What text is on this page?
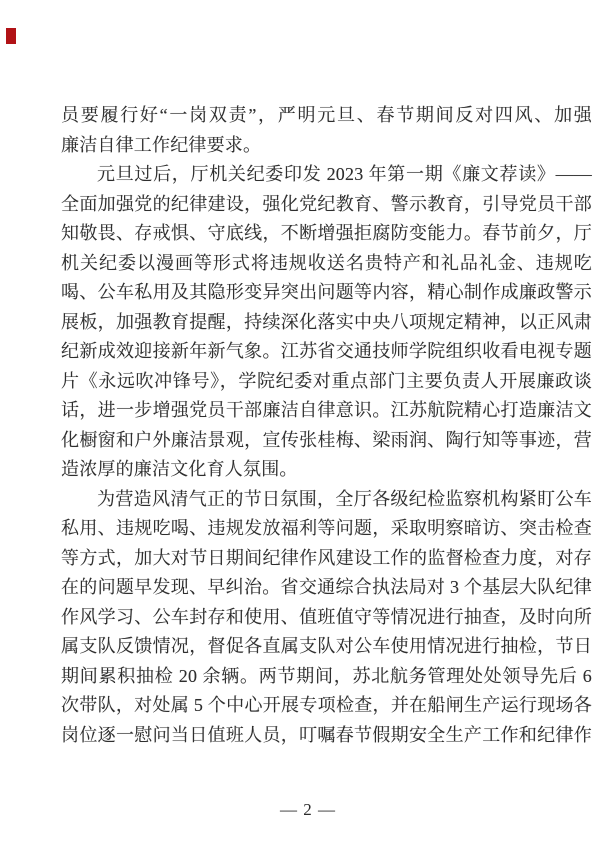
员要履行好“一岗双责”，严明元旦、春节期间反对四风、加强
廉洁自律工作纪律要求。
元旦过后，厅机关纪委印发 2023 年第一期《廉文荐读》——
全面加强党的纪律建设，强化党纪教育、警示教育，引导党员干部
知敬畏、存戒惧、守底线，不断增强拒腐防变能力。春节前夕，厅
机关纪委以漫画等形式将违规收送名贵特产和礼品礼金、违规吃
喝、公车私用及其隐形变异突出问题等内容，精心制作成廉政警示
展板，加强教育提醒，持续深化落实中央八项规定精神，以正风肃
纪新成效迎接新年新气象。江苏省交通技师学院组织收看电视专题
片《永远吹冲锋号》，学院纪委对重点部门主要负责人开展廉政谈
话，进一步增强党员干部廉洁自律意识。江苏航院精心打造廉洁文
化橱窗和户外廉洁景观，宣传张桂梅、梁雨润、陶行知等事迹，营
造浓厚的廉洁文化育人氛围。
为营造风清气正的节日氛围，全厅各级纪检监察机构紧盯公车
私用、违规吃喝、违规发放福利等问题，采取明察暗访、突击检查
等方式，加大对节日期间纪律作风建设工作的监督检查力度，对存
在的问题早发现、早纠治。省交通综合执法局对 3 个基层大队纪律
作风学习、公车封存和使用、值班值守等情况进行抽查，及时向所
属支队反馈情况，督促各直属支队对公车使用情况进行抽检，节日
期间累积抽检 20 余辆。两节期间，苏北航务管理处处领导先后 6
次带队，对处属 5 个中心开展专项检查，并在船闸生产运行现场各
岗位逐一慰问当日值班人员，叮嘱春节假期安全生产工作和纪律作
— 2 —
